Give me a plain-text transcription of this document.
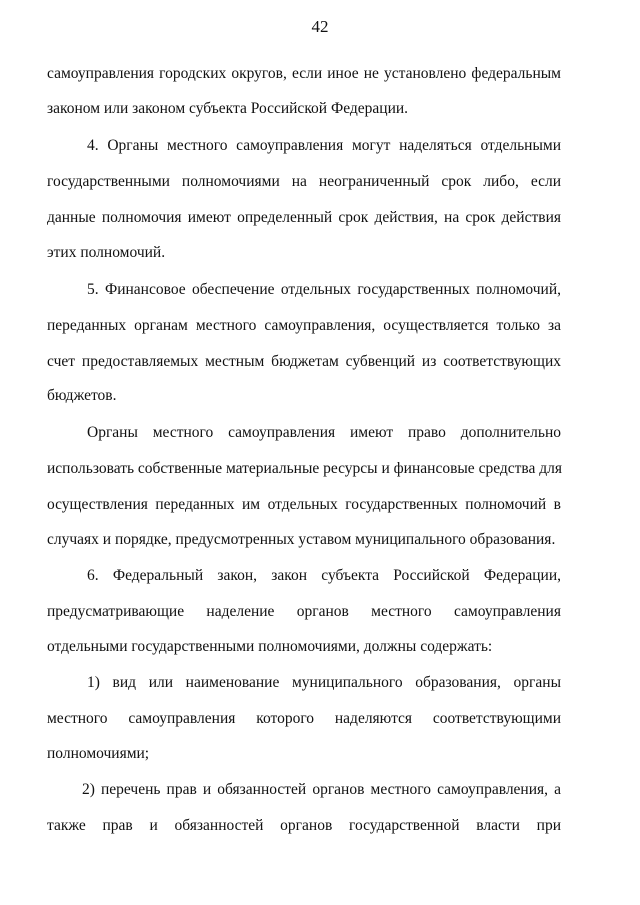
42
самоуправления городских округов, если иное не установлено федеральным
законом или законом субъекта Российской Федерации.
4. Органы местного самоуправления могут наделяться отдельными
государственными полномочиями на неограниченный срок либо, если
данные полномочия имеют определенный срок действия, на срок действия
этих полномочий.
5. Финансовое обеспечение отдельных государственных полномочий,
переданных органам местного самоуправления, осуществляется только за
счет предоставляемых местным бюджетам субвенций из соответствующих
бюджетов.
Органы местного самоуправления имеют право дополнительно
использовать собственные материальные ресурсы и финансовые средства для
осуществления переданных им отдельных государственных полномочий в
случаях и порядке, предусмотренных уставом муниципального образования.
6. Федеральный закон, закон субъекта Российской Федерации,
предусматривающие наделение органов местного самоуправления
отдельными государственными полномочиями, должны содержать:
1) вид или наименование муниципального образования, органы
местного самоуправления которого наделяются соответствующими
полномочиями;
2) перечень прав и обязанностей органов местного самоуправления, а
также прав и обязанностей органов государственной власти при
